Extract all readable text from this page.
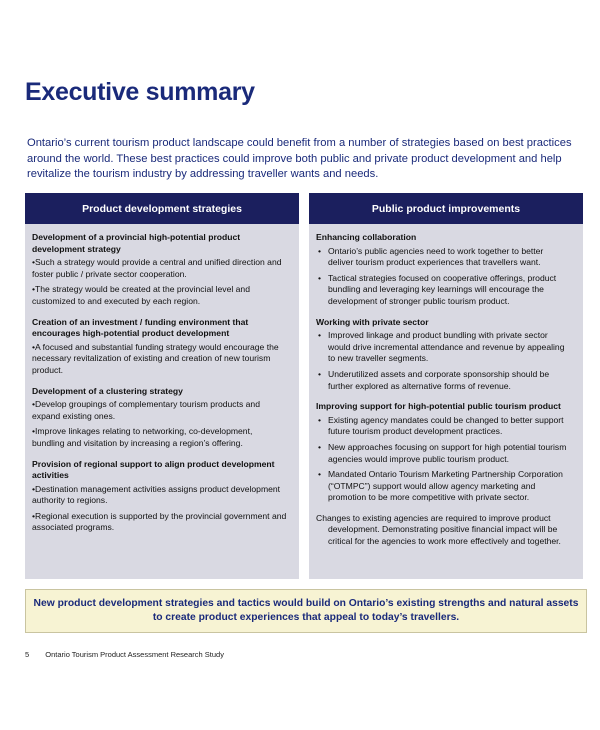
Executive summary
Ontario’s current tourism product landscape could benefit from a number of strategies based on best practices
around the world. These best practices could improve both public and private product development and help
revitalize the tourism industry by addressing traveller wants and needs.
Product development strategies
Development of a provincial high-potential product
development strategy
•Such a strategy would provide a central and unified direction and
foster public / private sector cooperation.
•The strategy would be created at the provincial level and
customized to and executed by each region.
Creation of an investment / funding environment that
encourages high-potential product development
•A focused and substantial funding strategy would encourage the
necessary revitalization of existing and creation of new tourism
product.
Development of a clustering strategy
•Develop groupings of complementary tourism products and
expand existing ones.
•Improve linkages relating to networking, co-development,
bundling and visitation by increasing a region’s offering.
Provision of regional support to align product development
activities
•Destination management activities assigns product development
authority to regions.
•Regional execution is supported by the provincial government and
associated programs.
Public product improvements
Enhancing collaboration
• Ontario’s public agencies need to work together to better
deliver tourism product experiences that travellers want.
• Tactical strategies focused on cooperative offerings, product
bundling and leveraging key learnings will encourage the
development of stronger public tourism product.
Working with private sector
• Improved linkage and product bundling with private sector
would drive incremental attendance and revenue by appealing
to new traveller segments.
• Underutilized assets and corporate sponsorship should be
further explored as alternative forms of revenue.
Improving support for high-potential public tourism product
• Existing agency mandates could be changed to better support
future tourism product development practices.
• New approaches focusing on support for high potential tourism
agencies would improve public tourism product.
• Mandated Ontario Tourism Marketing Partnership Corporation
(“OTMPC”) support would allow agency marketing and
promotion to be more competitive with private sector.
Changes to existing agencies are required to improve product
development. Demonstrating positive financial impact will be
critical for the agencies to work more effectively and together.
New product development strategies and tactics would build on Ontario’s existing strengths and natural assets
to create product experiences that appeal to today’s travellers.
5 Ontario Tourism Product Assessment Research Study
